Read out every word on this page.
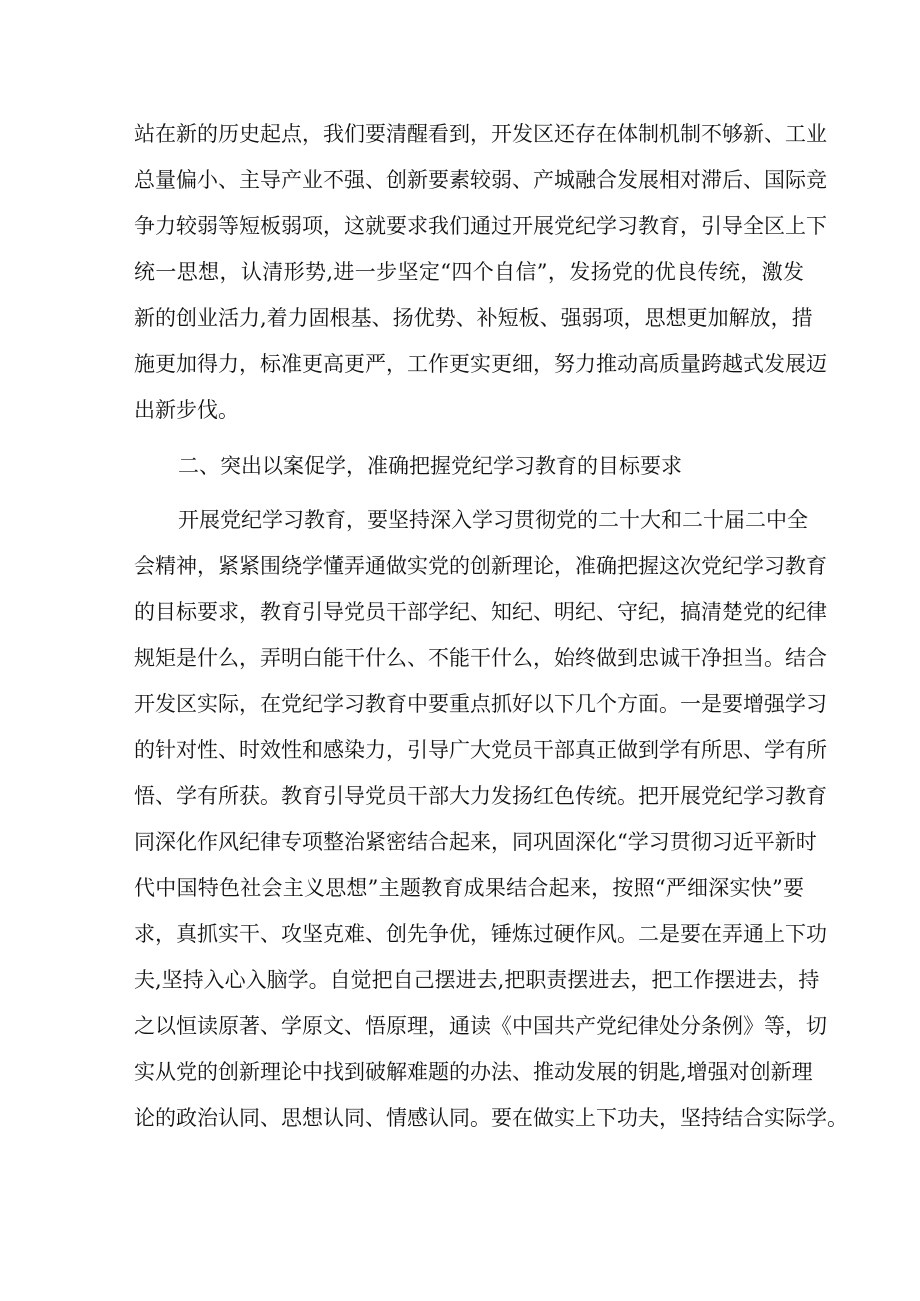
站在新的历史起点，我们要清醒看到，开发区还存在体制机制不够新、工业
总量偏小、主导产业不强、创新要素较弱、产城融合发展相对滞后、国际竞
争力较弱等短板弱项，这就要求我们通过开展党纪学习教育，引导全区上下
统一思想，认清形势,进一步坚定“四个自信”，发扬党的优良传统，激发
新的创业活力,着力固根基、扬优势、补短板、强弱项，思想更加解放，措
施更加得力，标准更高更严，工作更实更细，努力推动高质量跨越式发展迈
出新步伐。
二、突出以案促学，准确把握党纪学习教育的目标要求
开展党纪学习教育，要坚持深入学习贯彻党的二十大和二十届二中全
会精神，紧紧围绕学懂弄通做实党的创新理论，准确把握这次党纪学习教育
的目标要求，教育引导党员干部学纪、知纪、明纪、守纪，搞清楚党的纪律
规矩是什么，弄明白能干什么、不能干什么，始终做到忠诚干净担当。结合
开发区实际，在党纪学习教育中要重点抓好以下几个方面。一是要增强学习
的针对性、时效性和感染力，引导广大党员干部真正做到学有所思、学有所
悟、学有所获。教育引导党员干部大力发扬红色传统。把开展党纪学习教育
同深化作风纪律专项整治紧密结合起来，同巩固深化“学习贯彻习近平新时
代中国特色社会主义思想”主题教育成果结合起来，按照“严细深实快”要
求，真抓实干、攻坚克难、创先争优，锤炼过硬作风。二是要在弄通上下功
夫,坚持入心入脑学。自觉把自己摆进去,把职责摆进去，把工作摆进去，持
之以恒读原著、学原文、悟原理，通读《中国共产党纪律处分条例》等，切
实从党的创新理论中找到破解难题的办法、推动发展的钥匙,增强对创新理
论的政治认同、思想认同、情感认同。要在做实上下功夫，坚持结合实际学。
